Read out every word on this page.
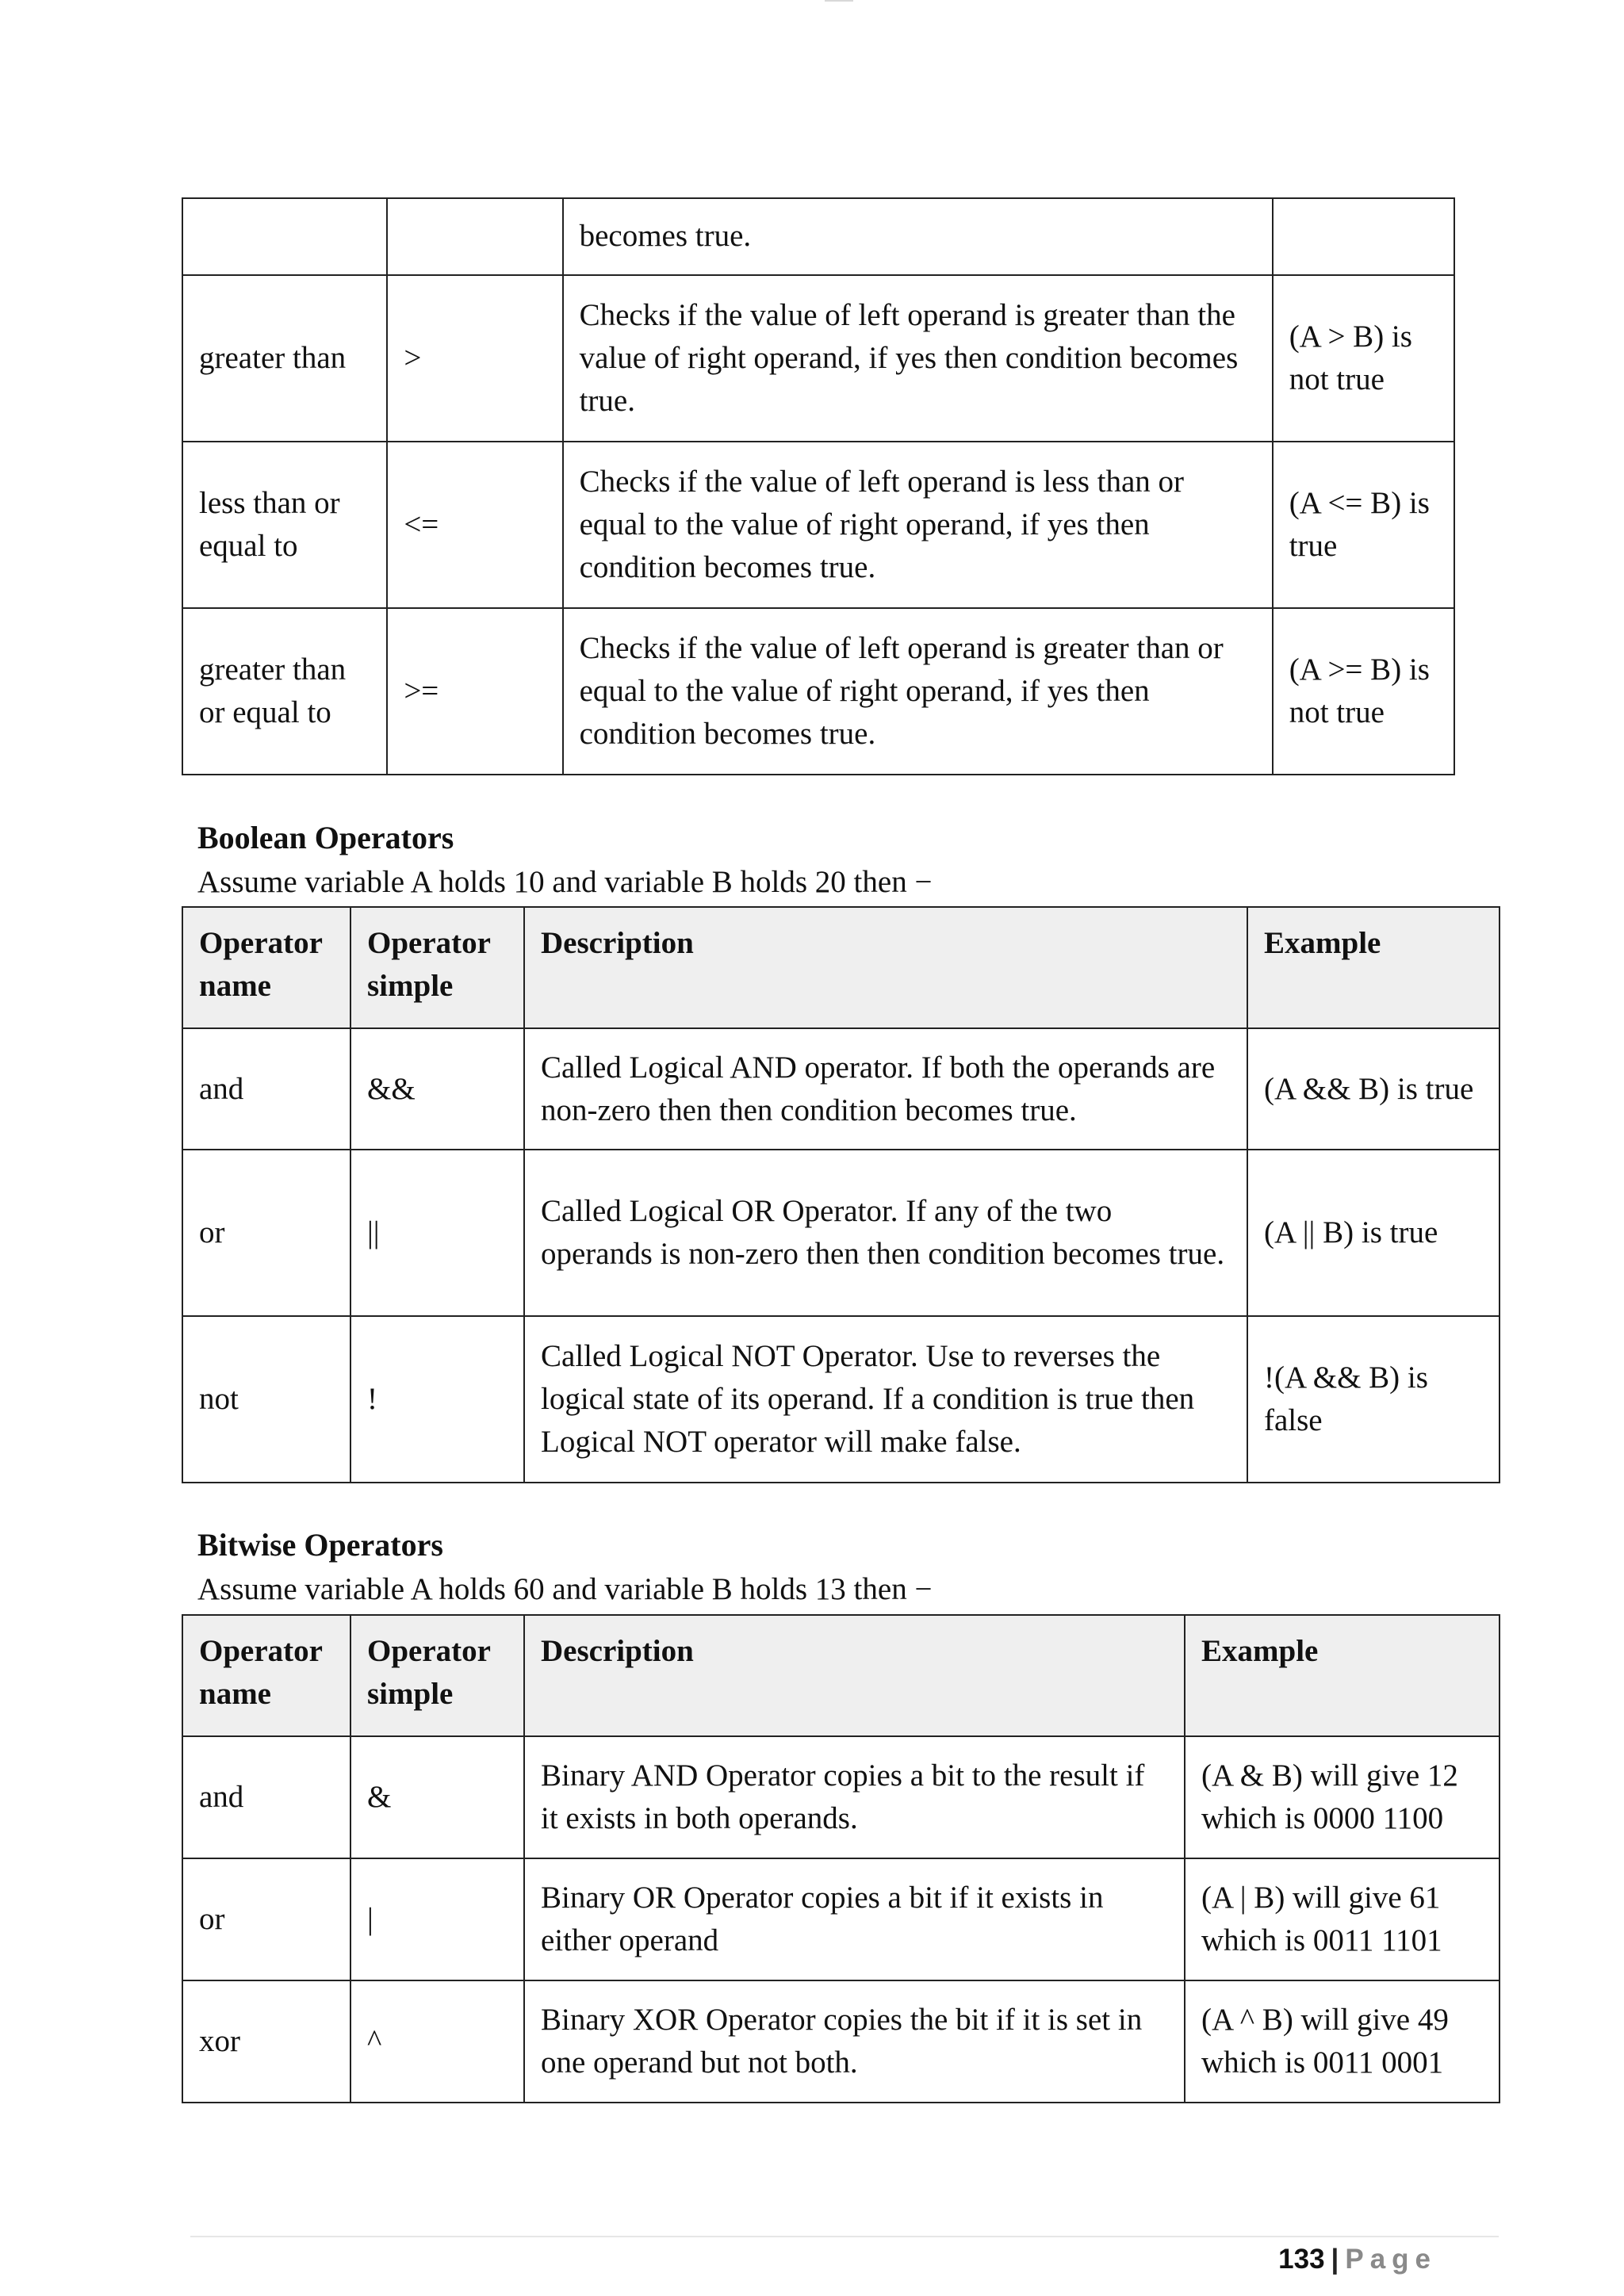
		becomes true.	
greater than	>	Checks if the value of left operand is greater than the value of right operand, if yes then condition becomes true.	(A > B) is not true
less than or equal to	<=	Checks if the value of left operand is less than or equal to the value of right operand, if yes then condition becomes true.	(A <= B) is true
greater than or equal to	>=	Checks if the value of left operand is greater than or equal to the value of right operand, if yes then condition becomes true.	(A >= B) is not true
Boolean Operators
Assume variable A holds 10 and variable B holds 20 then −
Operator name	Operator simple	Description	Example
and	&&	Called Logical AND operator. If both the operands are non-zero then then condition becomes true.	(A && B) is true
or	||	Called Logical OR Operator. If any of the two operands is non-zero then then condition becomes true.	(A || B) is true
not	!	Called Logical NOT Operator. Use to reverses the logical state of its operand. If a condition is true then Logical NOT operator will make false.	!(A && B) is false
Bitwise Operators
Assume variable A holds 60 and variable B holds 13 then −
Operator name	Operator simple	Description	Example
and	&	Binary AND Operator copies a bit to the result if it exists in both operands.	(A & B) will give 12 which is 0000 1100
or	|	Binary OR Operator copies a bit if it exists in either operand	(A | B) will give 61 which is 0011 1101
xor	^	Binary XOR Operator copies the bit if it is set in one operand but not both.	(A ^ B) will give 49 which is 0011 0001
133 | Page
